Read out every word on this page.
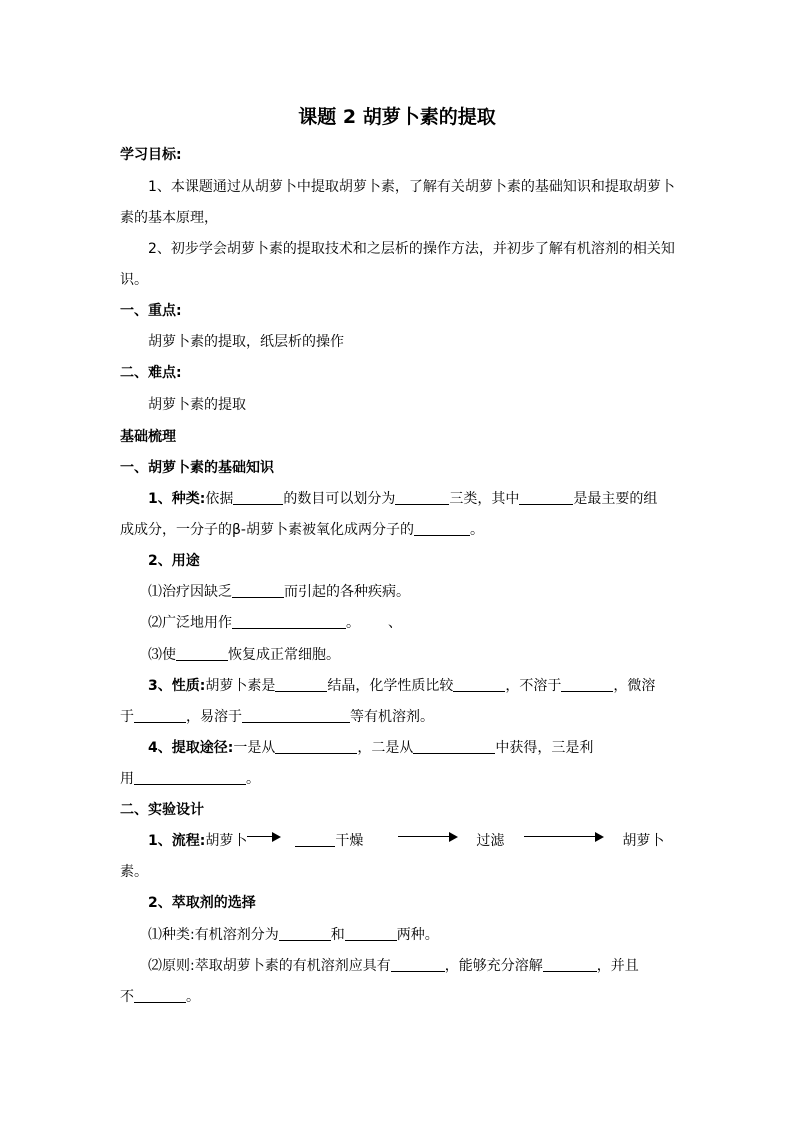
课题 2 胡萝卜素的提取
学习目标:
1、本课题通过从胡萝卜中提取胡萝卜素，了解有关胡萝卜素的基础知识和提取胡萝卜
素的基本原理，
2、初步学会胡萝卜素的提取技术和之层析的操作方法，并初步了解有机溶剂的相关知
识。
一、重点:
胡萝卜素的提取，纸层析的操作
二、难点:
胡萝卜素的提取
基础梳理
一、胡萝卜素的基础知识
1、种类:依据	的数目可以划分为	三类，其中	是最主要的组
成成分，一分子的β-胡萝卜素被氧化成两分子的	。
2、用途
⑴治疗因缺乏	而引起的各种疾病。
⑵广泛地用作	。 、
⑶使	恢复成正常细胞。
3、性质:胡萝卜素是	结晶，化学性质比较	，不溶于	，微溶
于	，易溶于	等有机溶剂。
4、提取途径:一是从	，二是从	中获得，三是利
用	。
二、实验设计
1、流程:胡萝卜	干燥	过滤	胡萝卜
素。
2、萃取剂的选择
⑴种类:有机溶剂分为	和	两种。
⑵原则:萃取胡萝卜素的有机溶剂应具有	，能够充分溶解	，并且
不	。
